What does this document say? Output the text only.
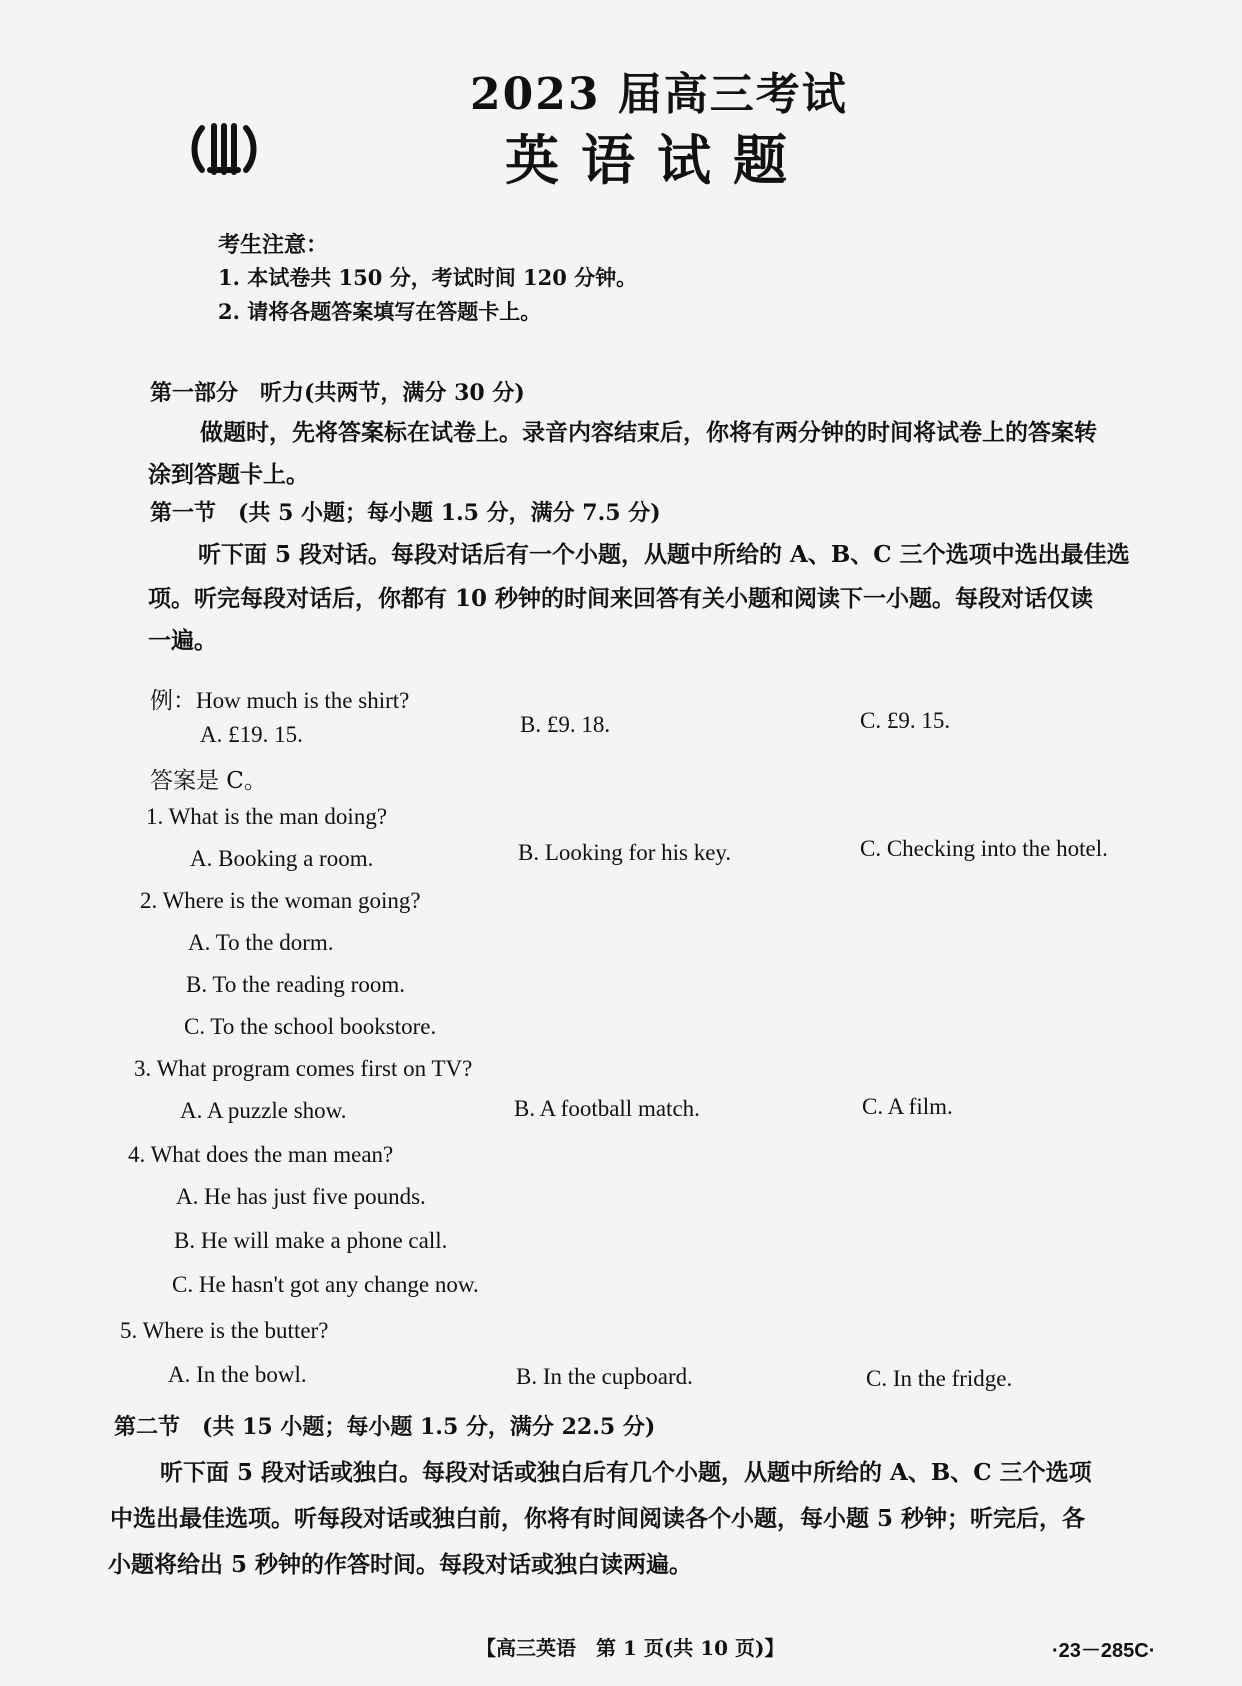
2023 届高三考试
英语试题
考生注意：
1. 本试卷共 150 分，考试时间 120 分钟。
2. 请将各题答案填写在答题卡上。
第一部分　听力(共两节，满分 30 分)
做题时，先将答案标在试卷上。录音内容结束后，你将有两分钟的时间将试卷上的答案转
涂到答题卡上。
第一节　(共 5 小题；每小题 1.5 分，满分 7.5 分)
听下面 5 段对话。每段对话后有一个小题，从题中所给的 A、B、C 三个选项中选出最佳选
项。听完每段对话后，你都有 10 秒钟的时间来回答有关小题和阅读下一小题。每段对话仅读
一遍。
例：How much is the shirt?
A. £19. 15.	B. £9. 18.	C. £9. 15.
答案是 C。
1. What is the man doing?
A. Booking a room.	B. Looking for his key.	C. Checking into the hotel.
2. Where is the woman going?
A. To the dorm.
B. To the reading room.
C. To the school bookstore.
3. What program comes first on TV?
A. A puzzle show.	B. A football match.	C. A film.
4. What does the man mean?
A. He has just five pounds.
B. He will make a phone call.
C. He hasn't got any change now.
5. Where is the butter?
A. In the bowl.	B. In the cupboard.	C. In the fridge.
第二节　(共 15 小题；每小题 1.5 分，满分 22.5 分)
听下面 5 段对话或独白。每段对话或独白后有几个小题，从题中所给的 A、B、C 三个选项
中选出最佳选项。听每段对话或独白前，你将有时间阅读各个小题，每小题 5 秒钟；听完后，各
小题将给出 5 秒钟的作答时间。每段对话或独白读两遍。
【高三英语　第 1 页(共 10 页)】	·23－285C·
